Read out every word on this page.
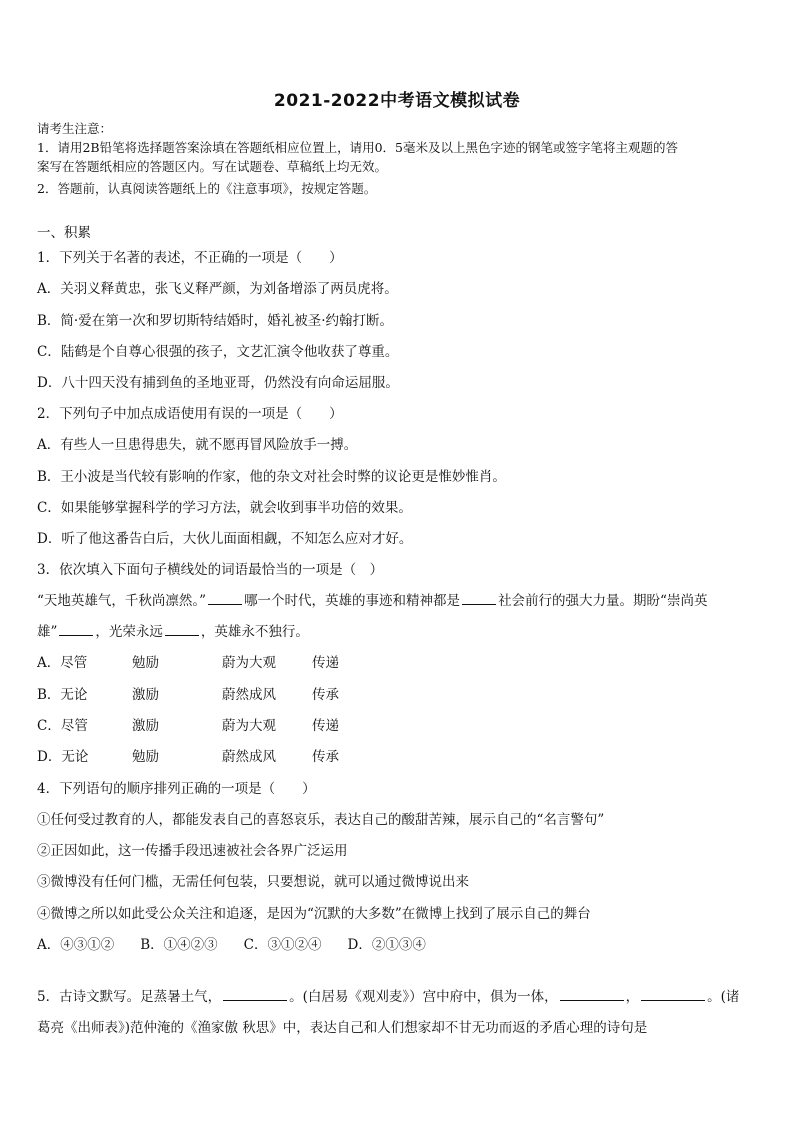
2021-2022中考语文模拟试卷
请考生注意：
1．请用2B铅笔将选择题答案涂填在答题纸相应位置上，请用0．5毫米及以上黑色字迹的钢笔或签字笔将主观题的答
案写在答题纸相应的答题区内。写在试题卷、草稿纸上均无效。
2．答题前，认真阅读答题纸上的《注意事项》，按规定答题。
一、积累
1．下列关于名著的表述，不正确的一项是（　　）
A．关羽义释黄忠，张飞义释严颜，为刘备增添了两员虎将。
B．简·爱在第一次和罗切斯特结婚时，婚礼被圣·约翰打断。
C．陆鹤是个自尊心很强的孩子，文艺汇演令他收获了尊重。
D．八十四天没有捕到鱼的圣地亚哥，仍然没有向命运屈服。
2．下列句子中加点成语使用有误的一项是（　　）
A．有些人一旦患得患失，就不愿再冒风险放手一搏。
B．王小波是当代较有影响的作家，他的杂文对社会时弊的议论更是惟妙惟肖。
C．如果能够掌握科学的学习方法，就会收到事半功倍的效果。
D．听了他这番告白后，大伙儿面面相觑，不知怎么应对才好。
3．依次填入下面句子横线处的词语最恰当的一项是（　）
“天地英雄气，千秋尚凛然。”	哪一个时代，英雄的事迹和精神都是	社会前行的强大力量。期盼“崇尚英
雄”	，光荣永远	，英雄永不独行。
A．尽管	勉励	蔚为大观	传递
B．无论	激励	蔚然成风	传承
C．尽管	激励	蔚为大观	传递
D．无论	勉励	蔚然成风	传承
4．下列语句的顺序排列正确的一项是（　　）
①任何受过教育的人，都能发表自己的喜怒哀乐，表达自己的酸甜苦辣，展示自己的“名言警句”
②正因如此，这一传播手段迅速被社会各界广泛运用
③微博没有任何门槛，无需任何包装，只要想说，就可以通过微博说出来
④微博之所以如此受公众关注和追逐，是因为“沉默的大多数”在微博上找到了展示自己的舞台
A．④③①② B．①④②③ C．③①②④ D．②①③④
5．古诗文默写。足蒸暑土气，	。(白居易《观刈麦》）宫中府中，俱为一体，	，	。(诸
葛亮《出师表》)范仲淹的《渔家傲 秋思》中，表达自己和人们想家却不甘无功而返的矛盾心理的诗句是
